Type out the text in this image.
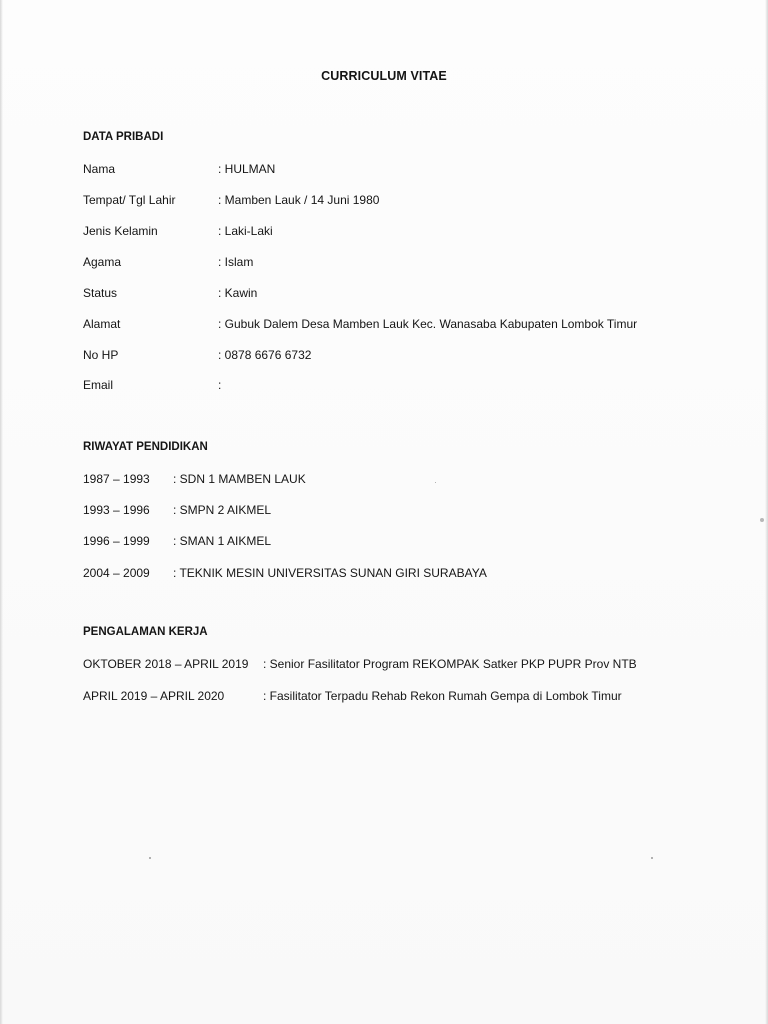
CURRICULUM VITAE
DATA PRIBADI
Nama	: HULMAN
Tempat/ Tgl Lahir	: Mamben Lauk / 14 Juni 1980
Jenis Kelamin	: Laki-Laki
Agama	: Islam
Status	: Kawin
Alamat	: Gubuk Dalem Desa Mamben Lauk Kec. Wanasaba Kabupaten Lombok Timur
No HP	: 0878 6676 6732
Email	:
RIWAYAT PENDIDIKAN
1987 – 1993 : SDN 1 MAMBEN LAUK
1993 – 1996 : SMPN 2 AIKMEL
1996 – 1999 : SMAN 1 AIKMEL
2004 – 2009 : TEKNIK MESIN UNIVERSITAS SUNAN GIRI SURABAYA
PENGALAMAN KERJA
OKTOBER 2018 – APRIL 2019 : Senior Fasilitator Program REKOMPAK Satker PKP PUPR Prov NTB
APRIL 2019 – APRIL 2020	: Fasilitator Terpadu Rehab Rekon Rumah Gempa di Lombok Timur
